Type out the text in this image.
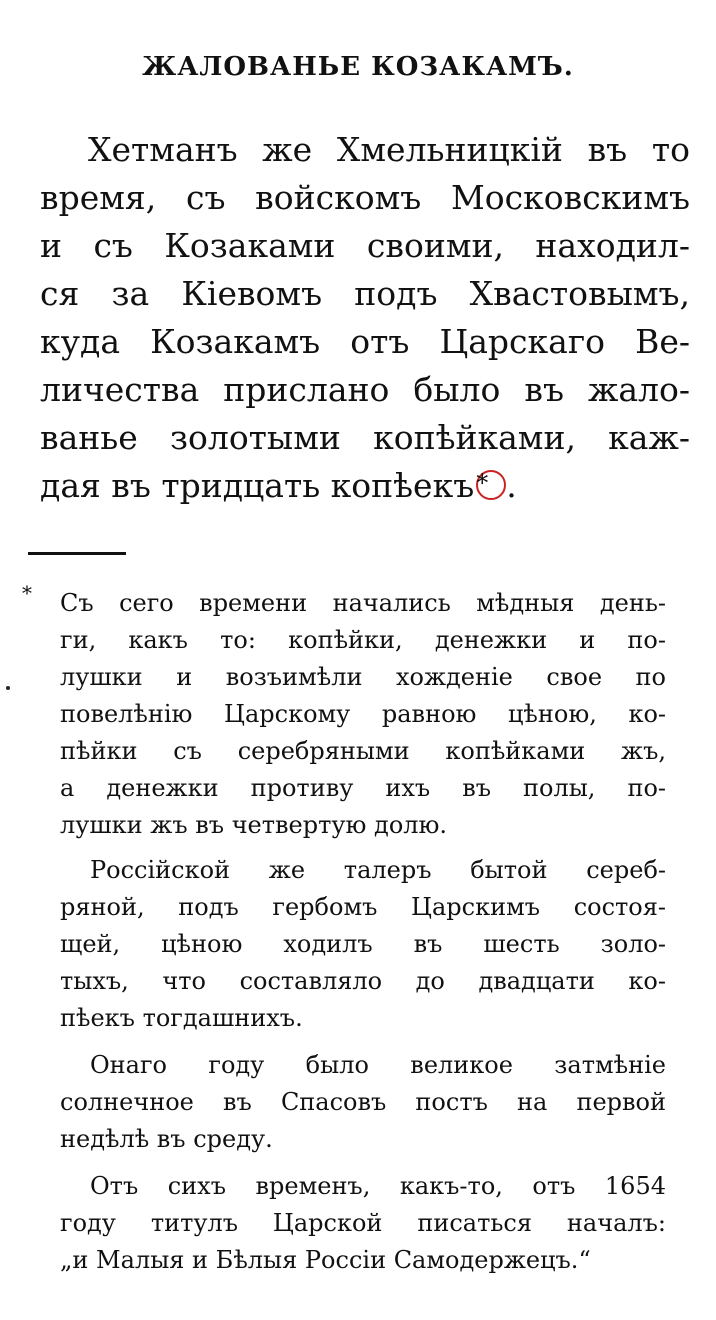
ЖАЛОВАНЬЕ КОЗАКАМЪ.
Хетманъ же Хмельницкій въ то
время, съ войскомъ Московскимъ
и съ Козаками своими, находил-
ся за Кіевомъ подъ Хвастовымъ,
куда Козакамъ отъ Царскаго Ве-
личества прислано было въ жало-
ванье золотыми копѣйками, каж-
дая въ тридцать копѣекъ * .
* Съ сего времени начались мѣдныя день-
ги, какъ то: копѣйки, денежки и по-
лушки и возъимѣли хожденіе свое по
повелѣнію Царскому равною цѣною, ко-
пѣйки съ серебряными копѣйками жъ,
а денежки противу ихъ въ полы, по-
лушки жъ въ четвертую долю.
Россійской же талеръ бытой сереб-
ряной, подъ гербомъ Царскимъ состоя-
щей, цѣною ходилъ въ шесть золо-
тыхъ, что составляло до двадцати ко-
пѣекъ тогдашнихъ.
Онаго году было великое затмѣніе
солнечное въ Спасовъ постъ на первой
недѣлѣ въ среду.
Отъ сихъ временъ, какъ-то, отъ 1654
году титулъ Царской писаться началъ:
„и Малыя и Бѣлыя Россіи Самодержецъ.“
